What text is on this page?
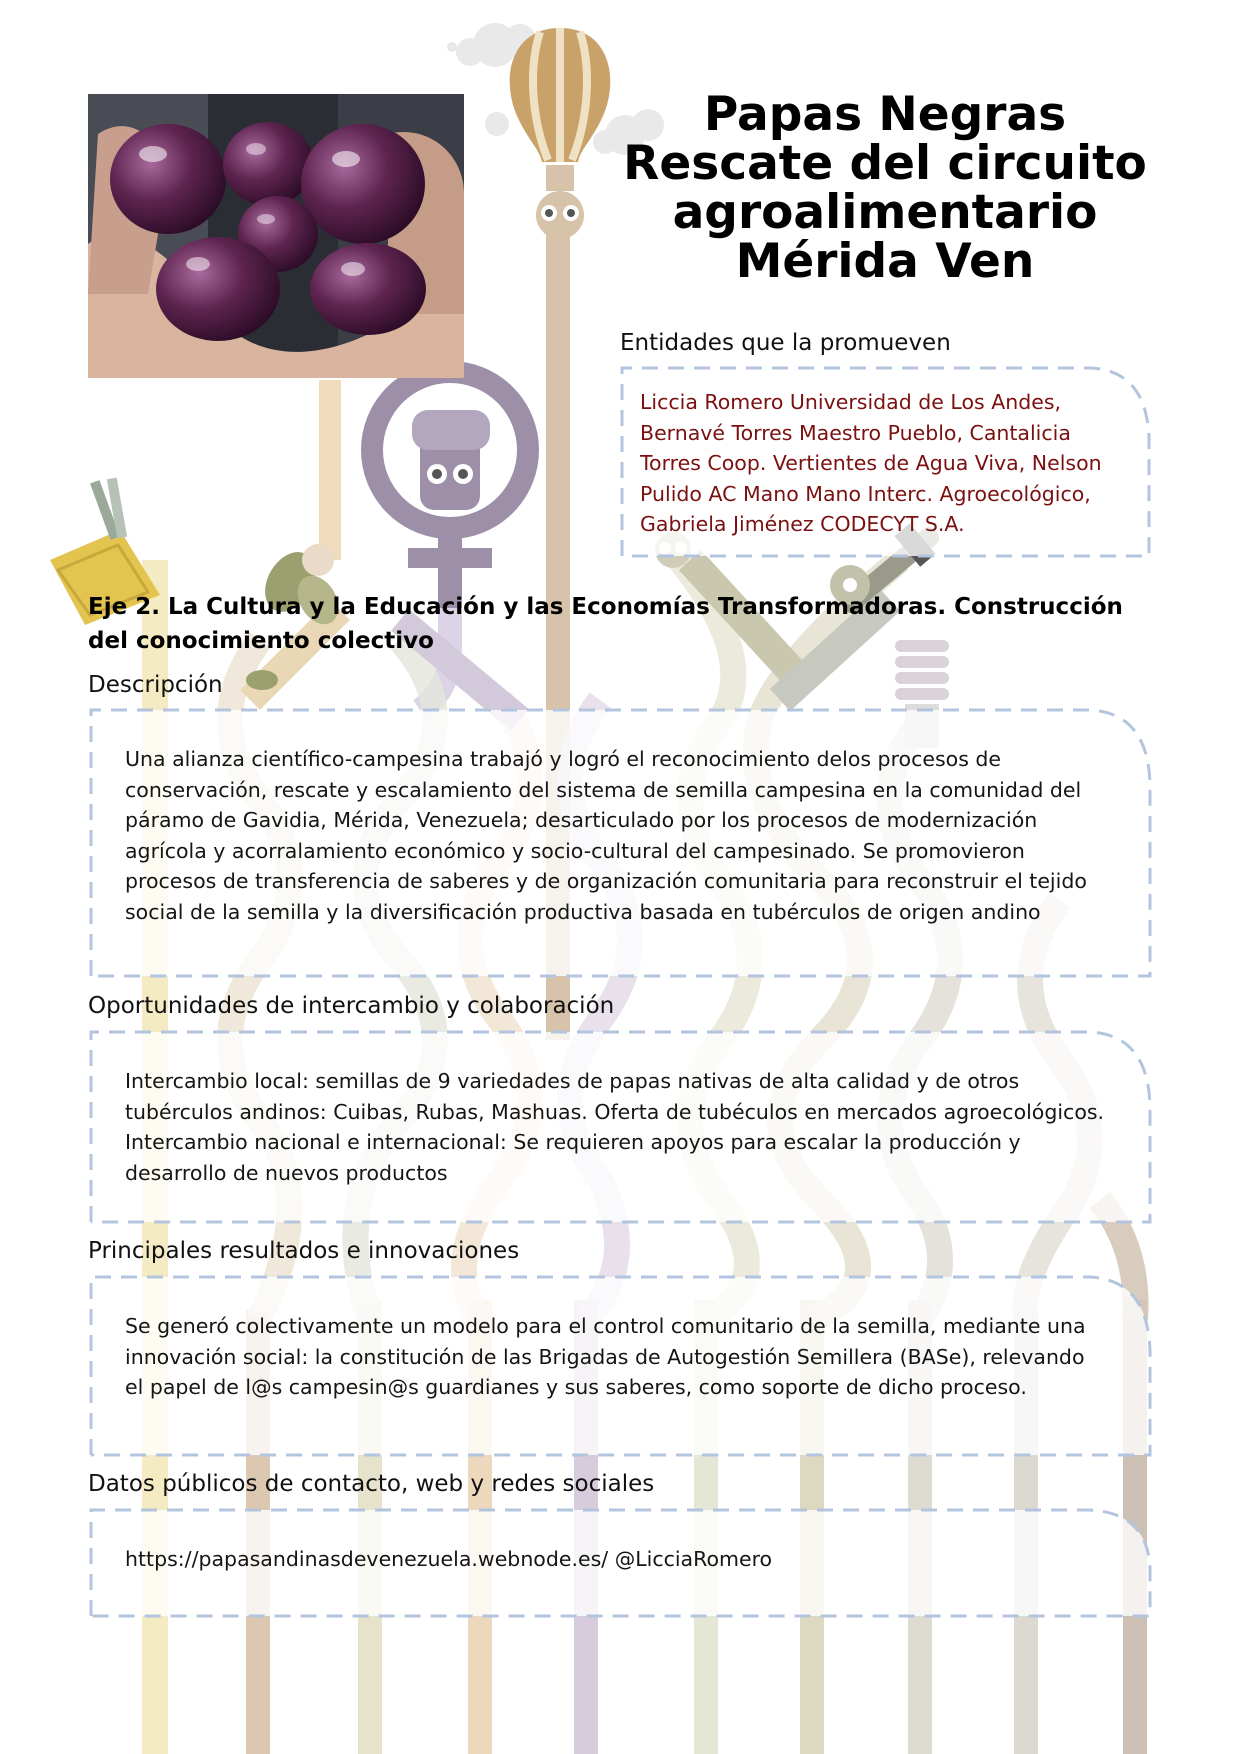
Papas Negras
Rescate del circuito
agroalimentario
Mérida Ven
Entidades que la promueven
Liccia Romero Universidad de Los Andes,
Bernavé Torres Maestro Pueblo, Cantalicia
Torres Coop. Vertientes de Agua Viva, Nelson
Pulido AC Mano Mano Interc. Agroecológico,
Gabriela Jiménez CODECYT S.A.
Eje 2. La Cultura y la Educación y las Economías Transformadoras. Construcción
del conocimiento colectivo
Descripción
Una alianza científico-campesina trabajó y logró el reconocimiento delos procesos de
conservación, rescate y escalamiento del sistema de semilla campesina en la comunidad del
páramo de Gavidia, Mérida, Venezuela; desarticulado por los procesos de modernización
agrícola y acorralamiento económico y socio-cultural del campesinado. Se promovieron
procesos de transferencia de saberes y de organización comunitaria para reconstruir el tejido
social de la semilla y la diversificación productiva basada en tubérculos de origen andino
Oportunidades de intercambio y colaboración
Intercambio local: semillas de 9 variedades de papas nativas de alta calidad y de otros
tubérculos andinos: Cuibas, Rubas, Mashuas. Oferta de tubéculos en mercados agroecológicos.
Intercambio nacional e internacional: Se requieren apoyos para escalar la producción y
desarrollo de nuevos productos
Principales resultados e innovaciones
Se generó colectivamente un modelo para el control comunitario de la semilla, mediante una
innovación social: la constitución de las Brigadas de Autogestión Semillera (BASe), relevando
el papel de l@s campesin@s guardianes y sus saberes, como soporte de dicho proceso.
Datos públicos de contacto, web y redes sociales
https://papasandinasdevenezuela.webnode.es/ @LicciaRomero
